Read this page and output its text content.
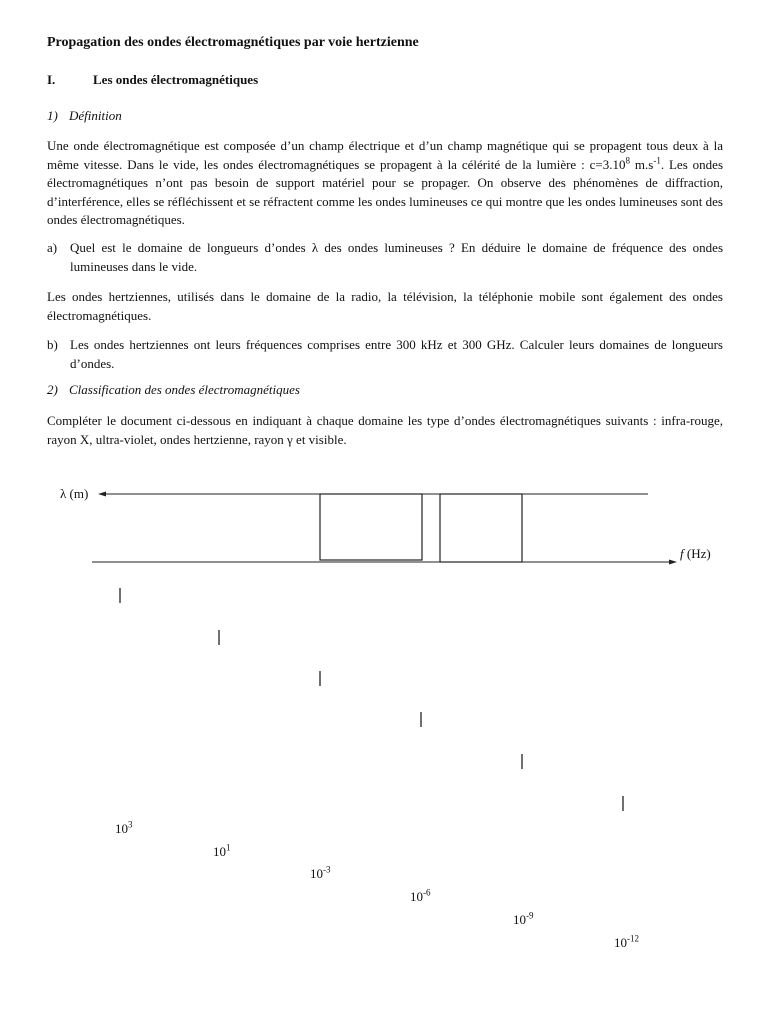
Propagation des ondes électromagnétiques par voie hertzienne
I.	Les ondes électromagnétiques
1) Définition
Une onde électromagnétique est composée d’un champ électrique et d’un champ magnétique qui se propagent tous deux à la même vitesse. Dans le vide, les ondes électromagnétiques se propagent à la célérité de la lumière : $c=3.10^8$ $m.s^{-1}$. Les ondes électromagnétiques n’ont pas besoin de support matériel pour se propager. On observe des phénomènes de diffraction, d’interférence, elles se réfléchissent et se réfractent comme les ondes lumineuses ce qui montre que les ondes lumineuses sont des ondes électromagnétiques.
a) Quel est le domaine de longueurs d’ondes λ des ondes lumineuses ? En déduire le domaine de fréquence des ondes lumineuses dans le vide.
Les ondes hertziennes, utilisés dans le domaine de la radio, la télévision, la téléphonie mobile sont également des ondes électromagnétiques.
b) Les ondes hertziennes ont leurs fréquences comprises entre 300 kHz et 300 GHz. Calculer leurs domaines de longueurs d’ondes.
2) Classification des ondes électromagnétiques
Compléter le document ci-dessous en indiquant à chaque domaine les type d’ondes électromagnétiques suivants : infra-rouge, rayon X, ultra-violet, ondes hertzienne, rayon γ et visible.
λ (m)
f (Hz)
$10^3$
$10^1$
$10^{-3}$
$10^{-6}$
$10^{-9}$
$10^{-12}$
